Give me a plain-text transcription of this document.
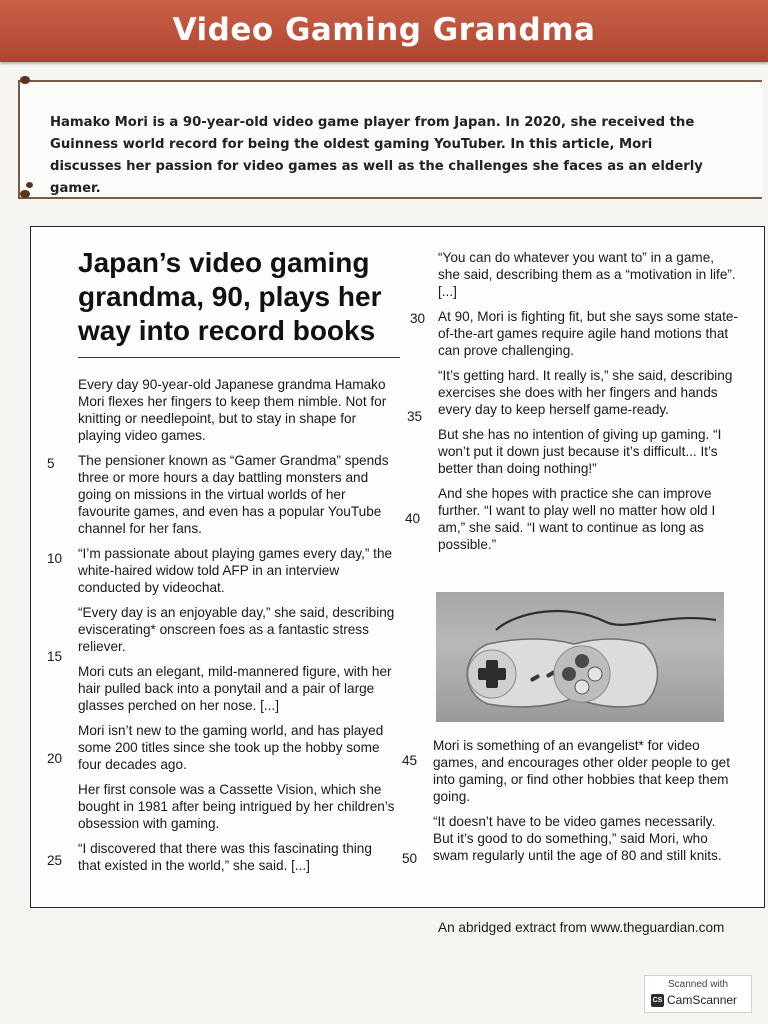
Video Gaming Grandma
Hamako Mori is a 90-year-old video game player from Japan. In 2020, she received the Guinness world record for being the oldest gaming YouTuber. In this article, Mori discusses her passion for video games as well as the challenges she faces as an elderly gamer.
Japan’s video gaming grandma, 90, plays her way into record books

Every day 90-year-old Japanese grandma Hamako Mori flexes her fingers to keep them nimble. Not for knitting or needlepoint, but to stay in shape for playing video games.

The pensioner known as “Gamer Grandma” spends three or more hours a day battling monsters and going on missions in the virtual worlds of her favourite games, and even has a popular YouTube channel for her fans.

“I’m passionate about playing games every day,” the white-haired widow told AFP in an interview conducted by videochat.

“Every day is an enjoyable day,” she said, describing eviscerating* onscreen foes as a fantastic stress reliever.

Mori cuts an elegant, mild-mannered figure, with her hair pulled back into a ponytail and a pair of large glasses perched on her nose. [...]

Mori isn’t new to the gaming world, and has played some 200 titles since she took up the hobby some four decades ago.

Her first console was a Cassette Vision, which she bought in 1981 after being intrigued by her children’s obsession with gaming.

“I discovered that there was this fascinating thing that existed in the world,” she said. [...]

5
10
15
20
25

“You can do whatever you want to” in a game, she said, describing them as a “motivation in life”. [...]

At 90, Mori is fighting fit, but she says some state-of-the-art games require agile hand motions that can prove challenging.

“It’s getting hard. It really is,” she said, describing exercises she does with her fingers and hands every day to keep herself game-ready.

But she has no intention of giving up gaming. “I won’t put it down just because it’s difficult... It’s better than doing nothing!”

And she hopes with practice she can improve further. “I want to play well no matter how old I am,” she said. “I want to continue as long as possible.”

30
35
40
45
50

Mori is something of an evangelist* for video games, and encourages other older people to get into gaming, or find other hobbies that keep them going.

“It doesn’t have to be video games necessarily. But it’s good to do something,” said Mori, who swam regularly until the age of 80 and still knits.

An abridged extract from www.theguardian.com
Scanned with
CS CamScanner
